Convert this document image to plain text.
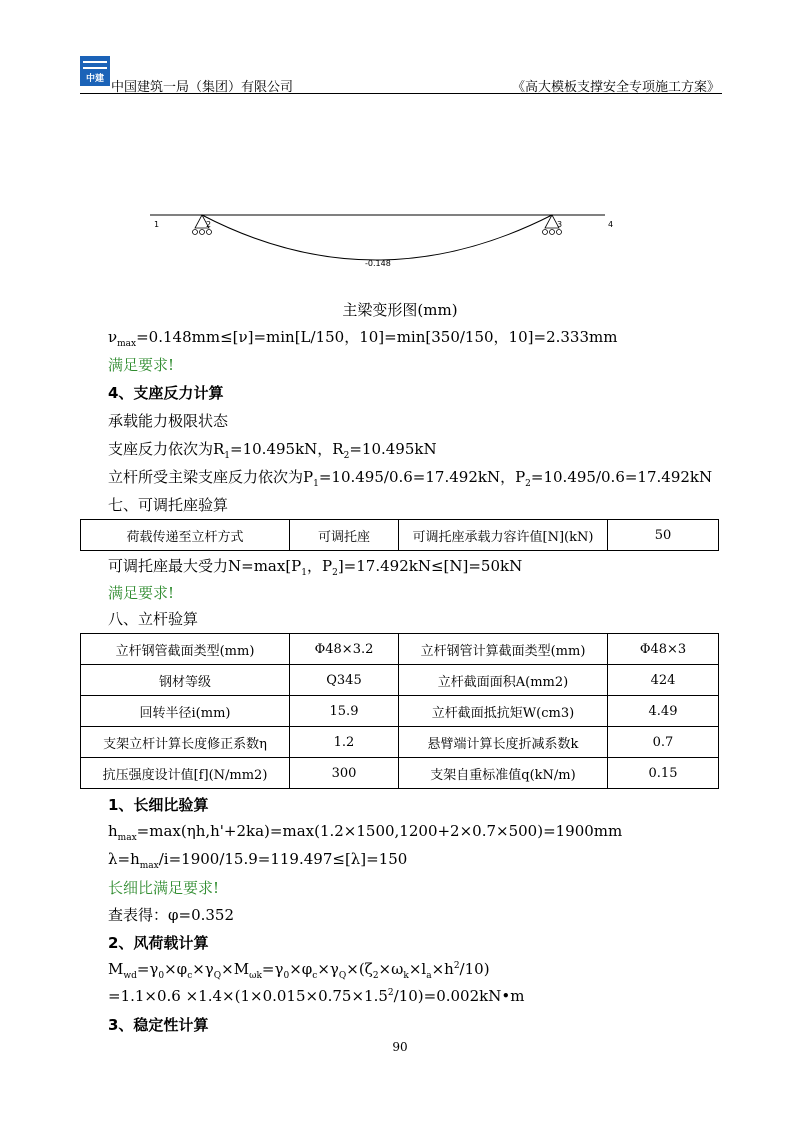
中建
中国建筑一局（集团）有限公司	《高大模板支撑安全专项施工方案》
1	2	3	4
-0.148
主梁变形图(mm)
$\nu_{max}=0.148mm\le[\nu]=\min[L/150$，10]=min[350/150，10]=2.333mm
满足要求!
4、支座反力计算
承载能力极限状态
支座反力依次为$R_1=10.495kN$，$R_2=10.495kN$
立杆所受主梁支座反力依次为$P_1=10.495/0.6=17.492kN$，$P_2=10.495/0.6=17.492kN$
七、可调托座验算
荷载传递至立杆方式	可调托座	可调托座承载力容许值[N](kN)	50
可调托座最大受力$N=\max[P_1$，$P_2]=17.492kN\le[N]=50kN$
满足要求!
八、立杆验算
立杆钢管截面类型(mm)	Φ48×3.2	立杆钢管计算截面类型(mm)	Φ48×3
钢材等级	Q345	立杆截面面积A(mm2)	424
回转半径i(mm)	15.9	立杆截面抵抗矩W(cm3)	4.49
支架立杆计算长度修正系数η	1.2	悬臂端计算长度折减系数k	0.7
抗压强度设计值[f](N/mm2)	300	支架自重标准值q(kN/m)	0.15
1、长细比验算
$h_{max}=\max(\eta h,h'+2ka)=\max(1.2\times 1500,1200+2\times 0.7\times 500)=1900mm$
$\lambda=h_{max}/i=1900/15.9=119.497\le[\lambda]=150$
长细比满足要求!
查表得：φ=0.352
2、风荷载计算
$M_{wd}=\gamma_0\times\varphi_c\times\gamma_Q\times M_{\omega k}=\gamma_0\times\varphi_c\times\gamma_Q\times(\zeta_2\times\omega_k\times l_a\times h^2/10)$
$=1.1\times 0.6 \times 1.4\times(1\times 0.015\times 0.75\times 1.5^2/10)=0.002kN•m$
3、稳定性计算
90
